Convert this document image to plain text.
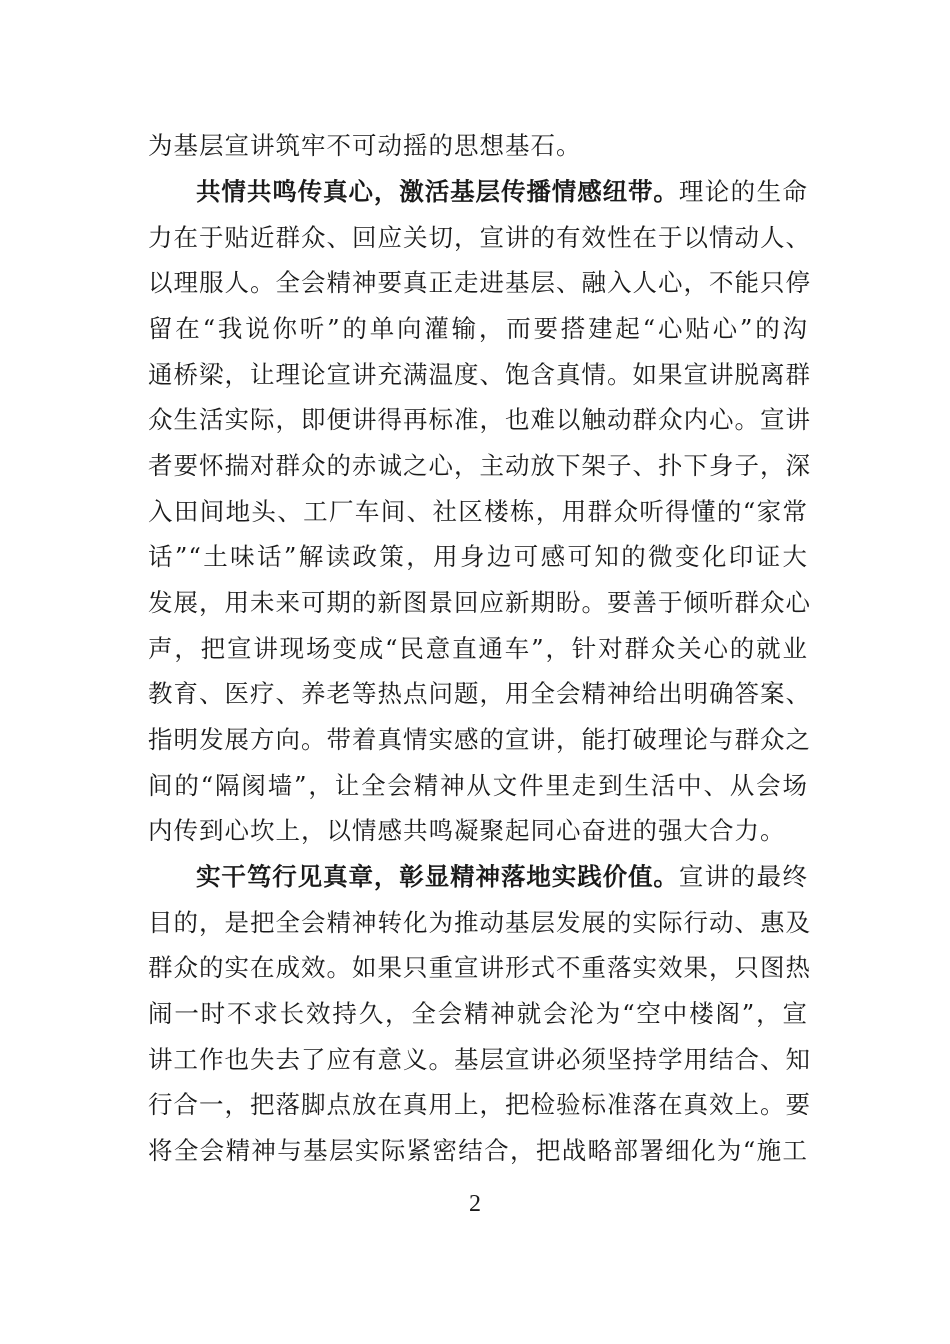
为基层宣讲筑牢不可动摇的思想基石。
共情共鸣传真心，激活基层传播情感纽带。理论的生命
力在于贴近群众、回应关切，宣讲的有效性在于以情动人、
以理服人。全会精神要真正走进基层、融入人心，不能只停
留在“我说你听”的单向灌输，而要搭建起“心贴心”的沟
通桥梁，让理论宣讲充满温度、饱含真情。如果宣讲脱离群
众生活实际，即便讲得再标准，也难以触动群众内心。宣讲
者要怀揣对群众的赤诚之心，主动放下架子、扑下身子，深
入田间地头、工厂车间、社区楼栋，用群众听得懂的“家常
话”“土味话”解读政策，用身边可感可知的微变化印证大
发展，用未来可期的新图景回应新期盼。要善于倾听群众心
声，把宣讲现场变成“民意直通车”，针对群众关心的就业
教育、医疗、养老等热点问题，用全会精神给出明确答案、
指明发展方向。带着真情实感的宣讲，能打破理论与群众之
间的“隔阂墙”，让全会精神从文件里走到生活中、从会场
内传到心坎上，以情感共鸣凝聚起同心奋进的强大合力。
实干笃行见真章，彰显精神落地实践价值。宣讲的最终
目的，是把全会精神转化为推动基层发展的实际行动、惠及
群众的实在成效。如果只重宣讲形式不重落实效果，只图热
闹一时不求长效持久，全会精神就会沦为“空中楼阁”，宣
讲工作也失去了应有意义。基层宣讲必须坚持学用结合、知
行合一，把落脚点放在真用上，把检验标准落在真效上。要
将全会精神与基层实际紧密结合，把战略部署细化为“施工
2
